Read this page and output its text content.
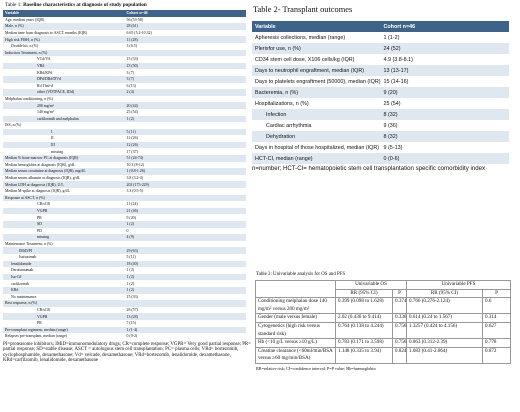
Table 1: Baseline characteristics at diagnosis of study population
Variable	Cohort n=46
Age, median years (IQR)	56 (53-58)
Male, n (%)	28 (61)
Median time from diagnosis to ASCT, months (IQR)	6.65 (5.2-10.32)
High risk FISH, n (%)	11 (28)
Double hit, n (%)	3 (6.5)
Induction Treatment, n (%)	
VCd/VA	15 (33)
VRd	23 (50)
KRd/KPd	3 (7)
DPd/DRd/DVd	3 (7)
Rd Thal-d	6 (13)
other (VDTPACE, IDd)	2 (4)
Melphalan conditioning, n (%)	
200 mg/m²	20 (44)
140 mg/m²	25 (54)
carfilzomib and melphalan	1 (2)
ISS, n (%)	
I	5 (11)
II	12 (26)
III	12 (26)
missing	17 (37)
Median % bone marrow PC at diagnosis (IQR)	51 (24-74)
Median hemoglobin at diagnosis (IQR), g/dL	10.3 (8-12)
Median serum creatinine at diagnosis (IQR), mg/dL	1 (0.8-1.26)
Median serum albumin at diagnosis (IQR), g/dL	3.8 (3.2-4)
Median LDH at diagnosis (IQR), U/L	203 (175-229)
Median M-spike at diagnosis (IQR), g/dL	3.3 (0.5-5)
Response at ASCT, n (%)	
CR/sCR	11 (24)
VGPR	21 (46)
PR	9 (20)
SD	1 (2)
PD	0
missing	4 (9)
Maintenance Treatment, n (%)	
IMiD/PI	29 (63)
Isatuximab	5 (11)
lenalidomide	18 (40)
Daratumumab	1 (2)
Isa-Cd	1 (2)
carfilzomib	1 (2)
KRd	1 (2)
No maintenance	15 (33)
Best response, n (%)	
CR/sCR	28 (57)
VGPR	13 (28)
PR	7 (15)
Pre-transplant regimens, median (range)	1 (1-4)
Relapses pre-transplant, median (range)	0 (0-2)
PI=proteasome inhibitors; IMiD=immunomodulatory drugs; CR=complete response; VGPR= Very good partial response; PR= partial response; SD=stable disease; ASCT = autologous stem cell transplantation; PC= plasma cells; VRd= bortezomib, cyclophosphamide, dexamethasone; Vd= velcade, dexamethasone; VRd=bortezomib, lenalidomide, dexamethasone, KRd=carfilzomib, lenalidomide, dexamethasone
Table 2- Transplant outcomes
Variable	Cohort n=46
Apheresis collections, median (range)	1 (1-2)
Plerixfor use, n (%)	24 (52)
CD34 stem cell dose, X106 cells/kg (IQR)	4.9 (3.8-8.1)
Days to neutrophil engraftment, median (IQR)	13 (13-17)
Days to platelets engraftment (50000), median (IQR)	15 (14-16)
Bacteremia, n (%)	9 (20)
Hospitalizations, n (%)	25 (54)
Infection	8 (32)
Cardiac arrhythmia	9 (36)
Dehydration	8 (32)
Days in hospital of those hospitalized, median (IQR)	9 (5-13)
HCT-CI, median (range)	0 (0-6)
n=number; HCT-CI= hematopoietic stem cell transplantation specific comorbidity index
Table 3: Univariable analysis for OS and PFS
	Univariable OS		Univariable PFS	
	RR (95% CI)	P	RR (95% CI)	P
Conditioning melphalan dose 140 mg/m² versus 200 mg/m²	0.399 (0.098 to 1.628)	0.374	0.766 (0.276-2.124)	0.6
Gender (male versus female)	2.02 (0.436 to 9.414)	0.336	0.614 (0.24 to 1.567)	0.314
Cytogenetics (high risk versus standard risk)	0.764 (0.138 to 4.244)	0.756	1.3257 (0.424 to 4.156)	0.627
Hb (<10 g/L versus ≥10 g/L)	0.783 (0.171 to 3.598)	0.756	0.863 (0.312-2.39)	0.778
Creatine clearance (<60ml/min/BSA versus ≥60 mg/min/BSA)	1.148 (0.335 to 3.94)	0.824	1.083 (0.41-2.864)	0.872
RR=relative risk; CI=confidence interval; P=P value; Hb=haemoglobin
